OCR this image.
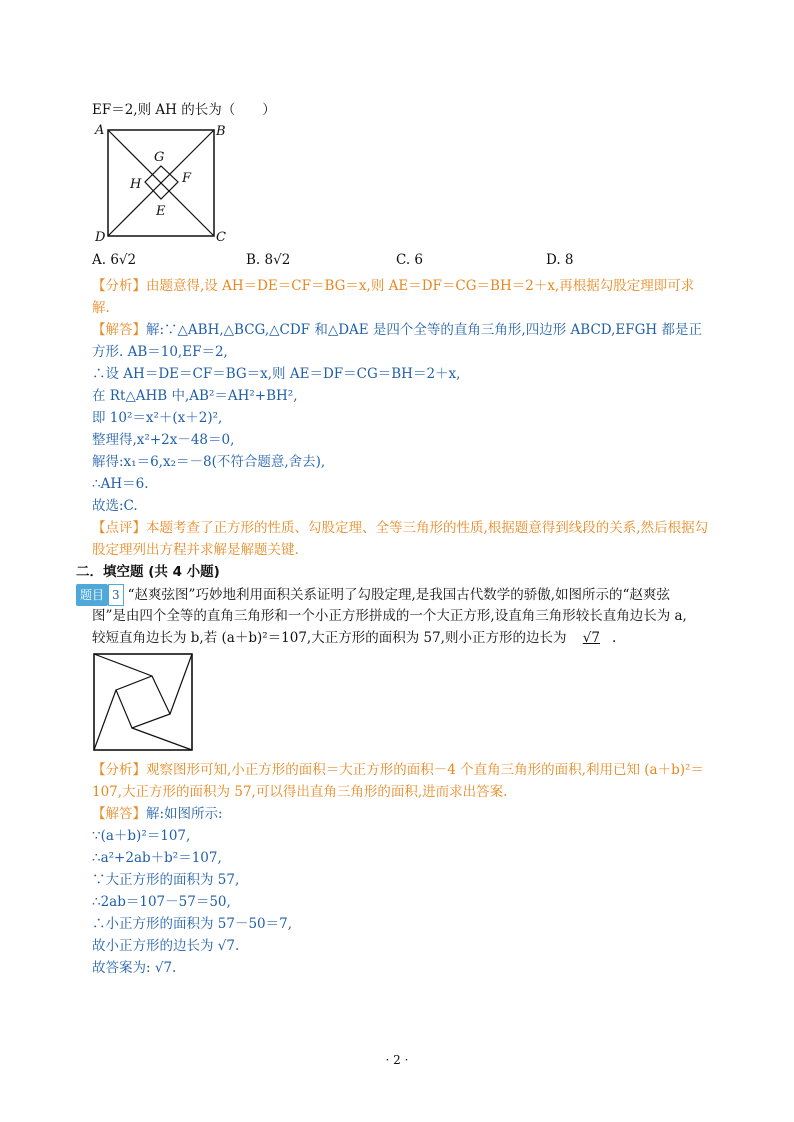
EF＝2,则 AH 的长为（　　）
A	B
C
D
E
F
G
H
A. 6√2	B. 8√2	C. 6	D. 8
【分析】由题意得,设 AH＝DE＝CF＝BG＝x,则 AE＝DF＝CG＝BH＝2＋x,再根据勾股定理即可求
解.
【解答】解:∵△ABH,△BCG,△CDF 和△DAE 是四个全等的直角三角形,四边形 ABCD,EFGH 都是正
方形. AB＝10,EF＝2,
∴设 AH＝DE＝CF＝BG＝x,则 AE＝DF＝CG＝BH＝2＋x,
在 Rt△AHB 中,AB²＝AH²+BH²,
即 10²＝x²＋(x＋2)²,
整理得,x²+2x－48＝0,
解得:x₁＝6,x₂＝－8(不符合题意,舍去),
∴AH＝6.
故选:C.
【点评】本题考查了正方形的性质、勾股定理、全等三角形的性质,根据题意得到线段的关系,然后根据勾
股定理列出方程并求解是解题关键.
二．填空题 (共 4 小题)
题目 3 “赵爽弦图”巧妙地利用面积关系证明了勾股定理,是我国古代数学的骄傲,如图所示的“赵爽弦
图”是由四个全等的直角三角形和一个小正方形拼成的一个大正方形,设直角三角形较长直角边长为 a,
较短直角边长为 b,若 (a＋b)²＝107,大正方形的面积为 57,则小正方形的边长为 √7 .
【分析】观察图形可知,小正方形的面积＝大正方形的面积－4 个直角三角形的面积,利用已知 (a＋b)²＝
107,大正方形的面积为 57,可以得出直角三角形的面积,进而求出答案.
【解答】解:如图所示:
∵(a＋b)²＝107,
∴a²+2ab＋b²＝107,
∵大正方形的面积为 57,
∴2ab＝107－57＝50,
∴小正方形的面积为 57－50＝7,
故小正方形的边长为 √7.
故答案为: √7.
· 2 ·
